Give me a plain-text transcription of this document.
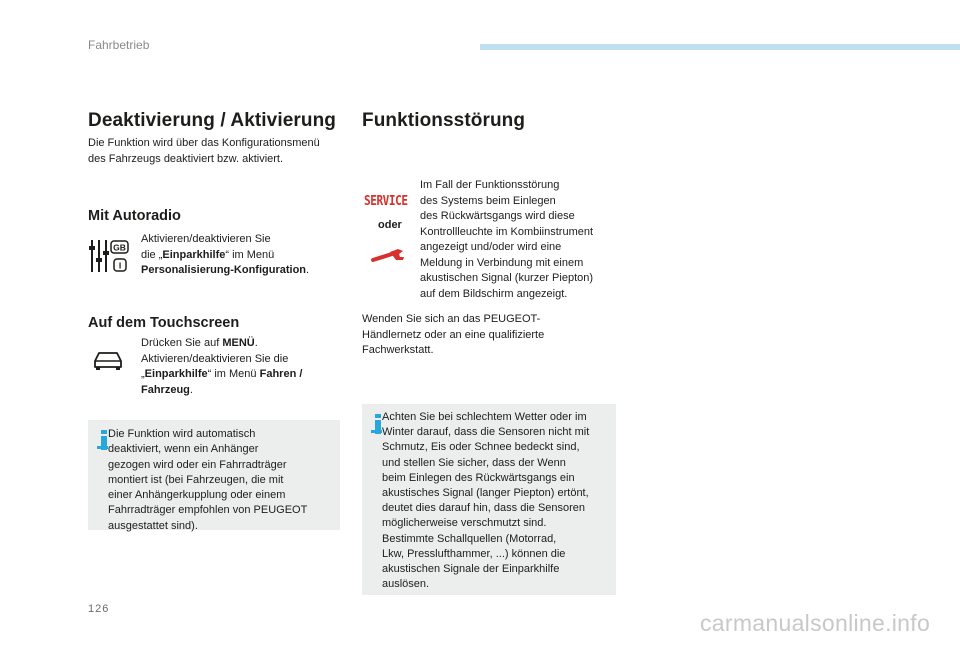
Fahrbetrieb
Deaktivierung / Aktivierung
Die Funktion wird über das Konfigurationsmenü
des Fahrzeugs deaktiviert bzw. aktiviert.
Mit Autoradio
GB
I
Aktivieren/deaktivieren Sie
die „Einparkhilfe“ im Menü
Personalisierung-Konfiguration.
Auf dem Touchscreen
Drücken Sie auf MENÜ.
Aktivieren/deaktivieren Sie die
„Einparkhilfe“ im Menü Fahren /
Fahrzeug.
Die Funktion wird automatisch
deaktiviert, wenn ein Anhänger
gezogen wird oder ein Fahrradträger
montiert ist (bei Fahrzeugen, die mit
einer Anhängerkupplung oder einem
Fahrradträger empfohlen von PEUGEOT
ausgestattet sind).
Funktionsstörung
SERVICE
oder
Im Fall der Funktionsstörung
des Systems beim Einlegen
des Rückwärtsgangs wird diese
Kontrollleuchte im Kombiinstrument
angezeigt und/oder wird eine
Meldung in Verbindung mit einem
akustischen Signal (kurzer Piepton)
auf dem Bildschirm angezeigt.
Wenden Sie sich an das PEUGEOT-
Händlernetz oder an eine qualifizierte
Fachwerkstatt.
Achten Sie bei schlechtem Wetter oder im
Winter darauf, dass die Sensoren nicht mit
Schmutz, Eis oder Schnee bedeckt sind,
und stellen Sie sicher, dass der Wenn
beim Einlegen des Rückwärtsgangs ein
akustisches Signal (langer Piepton) ertönt,
deutet dies darauf hin, dass die Sensoren
möglicherweise verschmutzt sind.
Bestimmte Schallquellen (Motorrad,
Lkw, Presslufthammer, ...) können die
akustischen Signale der Einparkhilfe
auslösen.
126
carmanualsonline.info
